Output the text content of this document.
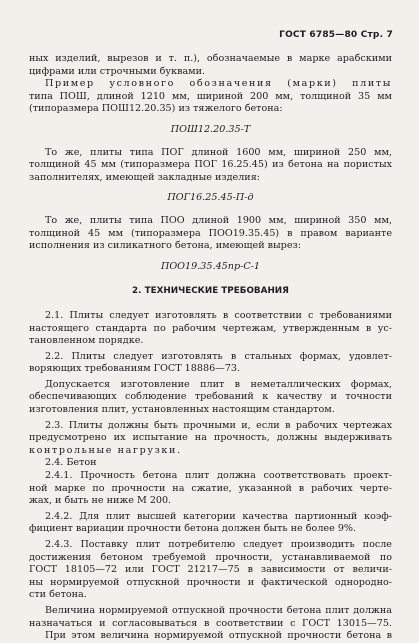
ГОСТ 6785—80 Стр. 7
ных изделий, вырезов и т. п.), обозначаемые в марке арабскими
цифрами или строчными буквами.
Пример условного обозначения (марки) плиты
типа ПОШ, длиной 1210 мм, шириной 200 мм, толщиной 35 мм
(типоразмера ПОШ12.20.35) из тяжелого бетона:
ПОШ12.20.35-Т
То же, плиты типа ПОГ длиной 1600 мм, шириной 250 мм,
толщиной 45 мм (типоразмера ПОГ 16.25.45) из бетона на пористых
заполнителях, имеющей закладные изделия:
ПОГ16.25.45-П-д
То же, плиты типа ПОО длиной 1900 мм, шириной 350 мм,
толщиной 45 мм (типоразмера ПОО19.35.45) в правом варианте
исполнения из силикатного бетона, имеющей вырез:
ПОО19.35.45пр-С-1
2. ТЕХНИЧЕСКИЕ ТРЕБОВАНИЯ
2.1. Плиты следует изготовлять в соответствии с требованиями
настоящего стандарта по рабочим чертежам, утвержденным в ус-
тановленном порядке.
2.2. Плиты следует изготовлять в стальных формах, удовлет-
воряющих требованиям ГОСТ 18886—73.
Допускается изготовление плит в неметаллических формах,
обеспечивающих соблюдение требований к качеству и точности
изготовления плит, установленных настоящим стандартом.
2.3. Плиты должны быть прочными и, если в рабочих чертежах
предусмотрено их испытание на прочность, должны выдерживать
контрольные нагрузки.
2.4. Бетон
2.4.1. Прочность бетона плит должна соответствовать проект-
ной марке по прочности на сжатие, указанной в рабочих черте-
жах, и быть не ниже М 200.
2.4.2. Для плит высшей категории качества партионный коэф-
фициент вариации прочности бетона должен быть не более 9%.
2.4.3. Поставку плит потребителю следует производить после
достижения бетоном требуемой прочности, устанавливаемой по
ГОСТ 18105—72 или ГОСТ 21217—75 в зависимости от величи-
ны нормируемой отпускной прочности и фактической однородно-
сти бетона.
Величина нормируемой отпускной прочности бетона плит должна
назначаться и согласовываться в соответствии с ГОСТ 13015—75.
При этом величина нормируемой отпускной прочности бетона в
